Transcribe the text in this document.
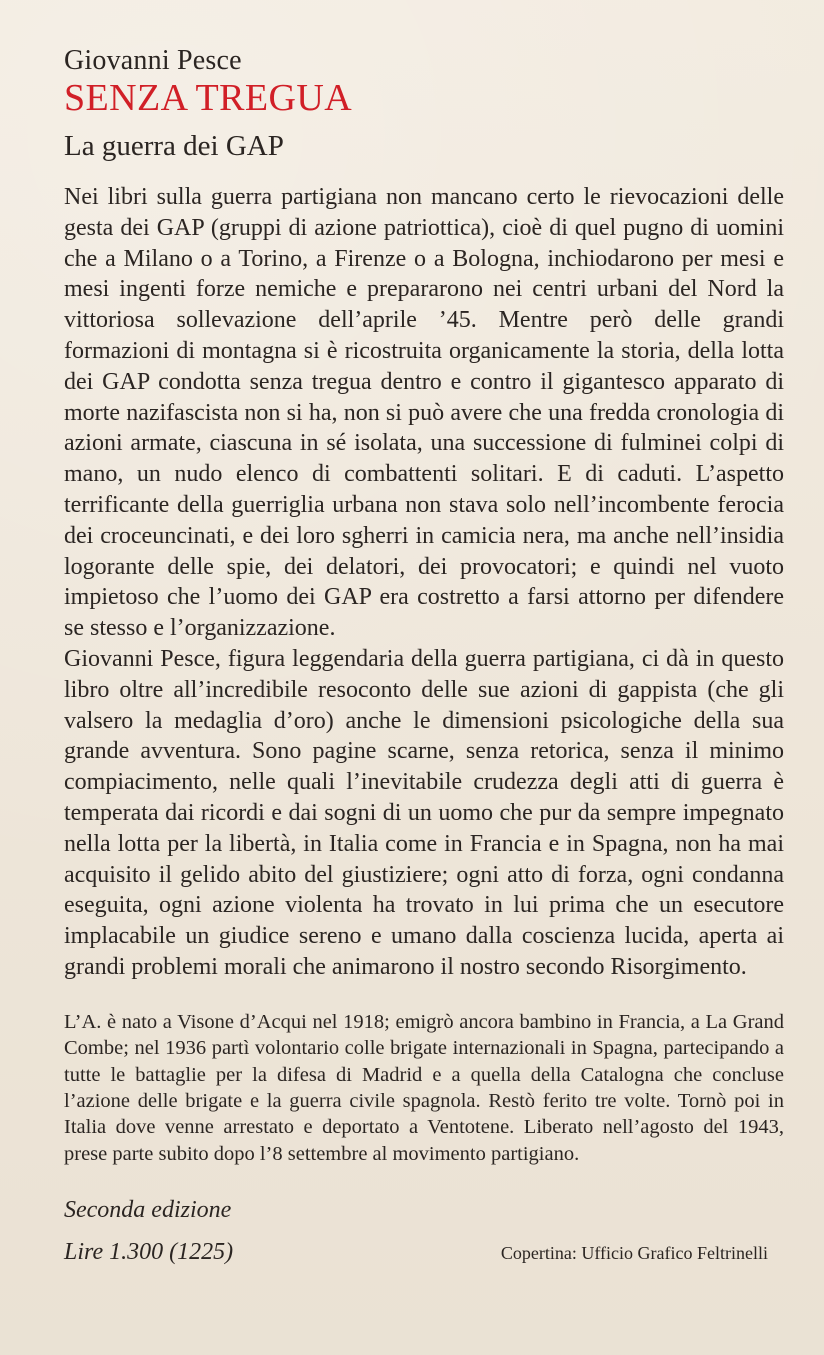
Giovanni Pesce
SENZA TREGUA
La guerra dei GAP

Nei libri sulla guerra partigiana non mancano certo le rievocazioni delle gesta dei GAP (gruppi di azione patriottica), cioè di quel pugno di uomini che a Milano o a Torino, a Firenze o a Bologna, inchiodarono per mesi e mesi ingenti forze nemiche e prepararono nei centri urbani del Nord la vittoriosa sollevazione dell’aprile ’45. Mentre però delle grandi formazioni di montagna si è ricostruita organicamente la storia, della lotta dei GAP condotta senza tregua dentro e contro il gigantesco apparato di morte nazifascista non si ha, non si può avere che una fredda cronologia di azioni armate, ciascuna in sé isolata, una successione di fulminei colpi di mano, un nudo elenco di combattenti solitari. E di caduti. L’aspetto terrificante della guerriglia urbana non stava solo nell’incombente ferocia dei croceuncinati, e dei loro sgherri in camicia nera, ma anche nell’insidia logorante delle spie, dei delatori, dei provocatori; e quindi nel vuoto impietoso che l’uomo dei GAP era costretto a farsi attorno per difendere se stesso e l’organizzazione.

Giovanni Pesce, figura leggendaria della guerra partigiana, ci dà in questo libro oltre all’incredibile resoconto delle sue azioni di gappista (che gli valsero la medaglia d’oro) anche le dimensioni psicologiche della sua grande avventura. Sono pagine scarne, senza retorica, senza il minimo compiacimento, nelle quali l’inevitabile crudezza degli atti di guerra è temperata dai ricordi e dai sogni di un uomo che pur da sempre impegnato nella lotta per la libertà, in Italia come in Francia e in Spagna, non ha mai acquisito il gelido abito del giustiziere; ogni atto di forza, ogni condanna eseguita, ogni azione violenta ha trovato in lui prima che un esecutore implacabile un giudice sereno e umano dalla coscienza lucida, aperta ai grandi problemi morali che animarono il nostro secondo Risorgimento.

L’A. è nato a Visone d’Acqui nel 1918; emigrò ancora bambino in Francia, a La Grand Combe; nel 1936 partì volontario colle brigate internazionali in Spagna, partecipando a tutte le battaglie per la difesa di Madrid e a quella della Catalogna che concluse l’azione delle brigate e la guerra civile spagnola. Restò ferito tre volte. Tornò poi in Italia dove venne arrestato e deportato a Ventotene. Liberato nell’agosto del 1943, prese parte subito dopo l’8 settembre al movimento partigiano.
Seconda edizione
Lire 1.300 (1225)	Copertina: Ufficio Grafico Feltrinelli
